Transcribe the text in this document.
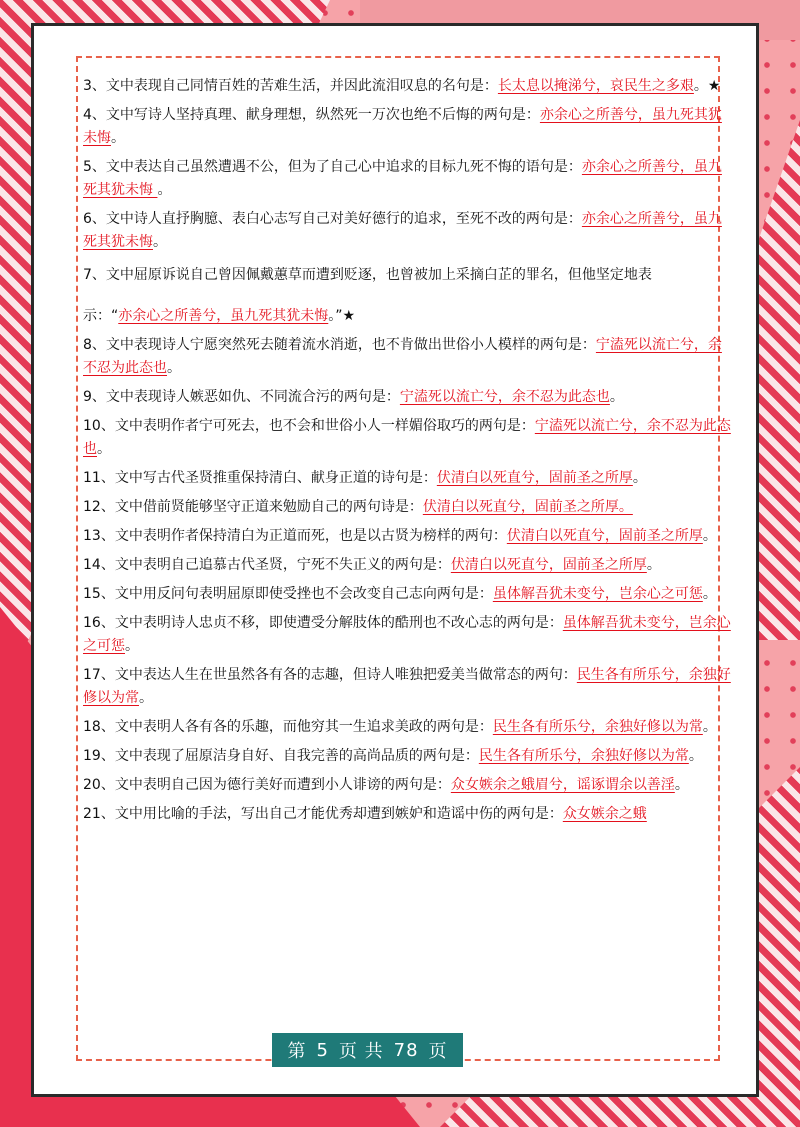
3、文中表现自己同情百姓的苦难生活，并因此流泪叹息的名句是：长太息以掩涕兮，哀民生之多艰。★
4、文中写诗人坚持真理、献身理想，纵然死一万次也绝不后悔的两句是：亦余心之所善兮，虽九死其犹未悔。
5、文中表达自己虽然遭遇不公，但为了自己心中追求的目标九死不悔的语句是：亦余心之所善兮，虽九死其犹未悔 。
6、文中诗人直抒胸臆、表白心志写自己对美好德行的追求，至死不改的两句是：亦余心之所善兮，虽九死其犹未悔。
7、文中屈原诉说自己曾因佩戴蕙草而遭到贬逐，也曾被加上采摘白芷的罪名，但他坚定地表
示：“亦余心之所善兮，虽九死其犹未悔。”★
8、文中表现诗人宁愿突然死去随着流水消逝，也不肯做出世俗小人模样的两句是：宁溘死以流亡兮，余不忍为此态也。
9、文中表现诗人嫉恶如仇、不同流合污的两句是：宁溘死以流亡兮，余不忍为此态也。
10、文中表明作者宁可死去，也不会和世俗小人一样媚俗取巧的两句是：宁溘死以流亡兮，余不忍为此态也。
11、文中写古代圣贤推重保持清白、献身正道的诗句是：伏清白以死直兮，固前圣之所厚。
12、文中借前贤能够坚守正道来勉励自己的两句诗是：伏清白以死直兮，固前圣之所厚。
13、文中表明作者保持清白为正道而死，也是以古贤为榜样的两句：伏清白以死直兮，固前圣之所厚。
14、文中表明自己追慕古代圣贤，宁死不失正义的两句是：伏清白以死直兮，固前圣之所厚。
15、文中用反问句表明屈原即使受挫也不会改变自己志向两句是：虽体解吾犹未变兮，岂余心之可惩。
16、文中表明诗人忠贞不移，即使遭受分解肢体的酷刑也不改心志的两句是：虽体解吾犹未变兮，岂余心之可惩。
17、文中表达人生在世虽然各有各的志趣，但诗人唯独把爱美当做常态的两句：民生各有所乐兮，余独好修以为常。
18、文中表明人各有各的乐趣，而他穷其一生追求美政的两句是：民生各有所乐兮，余独好修以为常。
19、文中表现了屈原洁身自好、自我完善的高尚品质的两句是：民生各有所乐兮，余独好修以为常。
20、文中表明自己因为德行美好而遭到小人诽谤的两句是：众女嫉余之蛾眉兮，谣诼谓余以善淫。
21、文中用比喻的手法，写出自己才能优秀却遭到嫉妒和造谣中伤的两句是：众女嫉余之蛾
第 5 页 共 78 页
